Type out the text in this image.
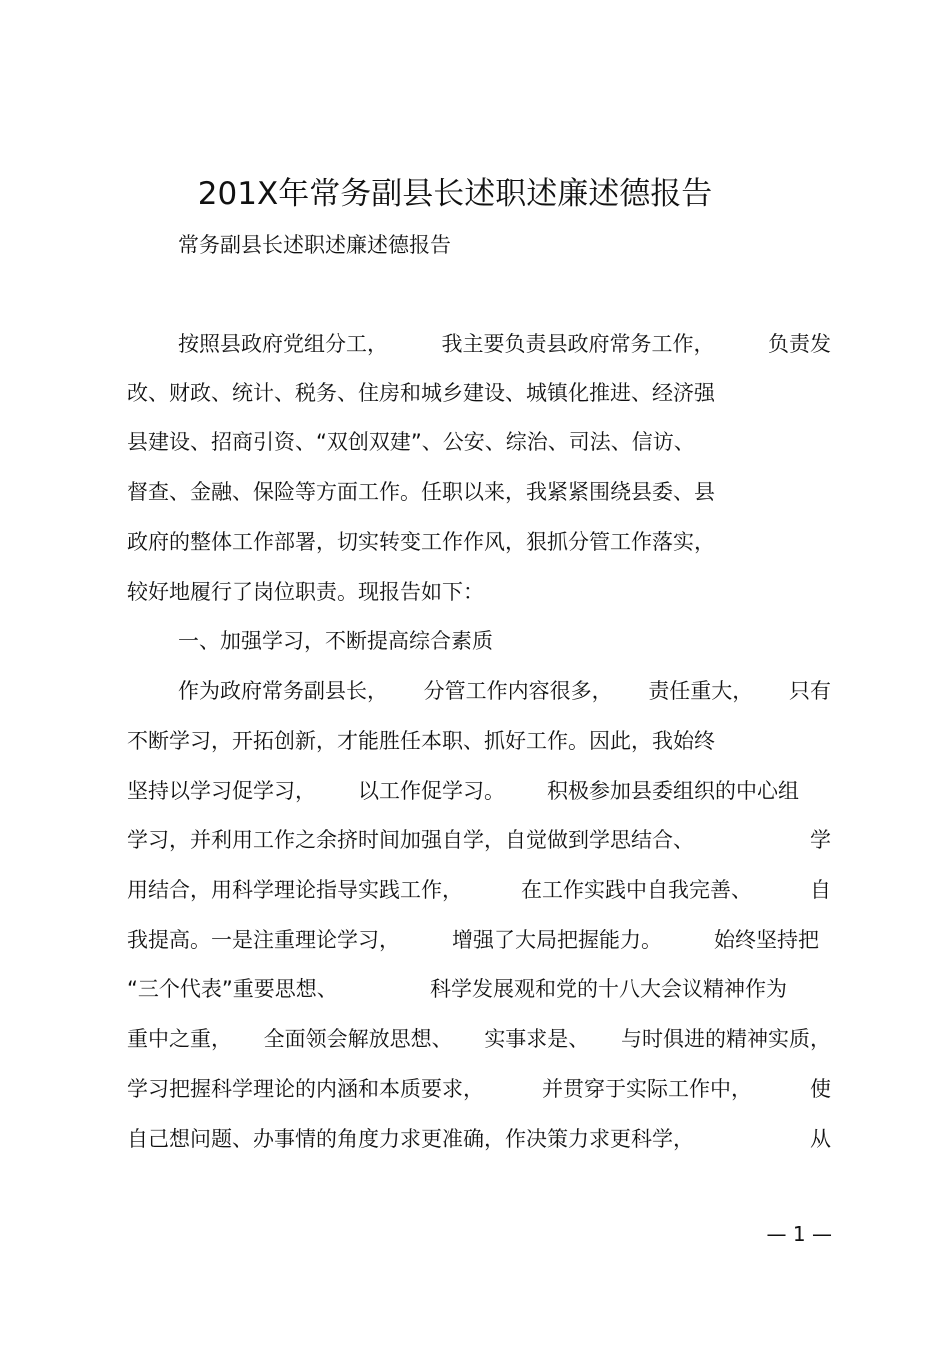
201X年常务副县长述职述廉述德报告
常务副县长述职述廉述德报告
按照县政府党组分工，	我主要负责县政府常务工作，	负责发
改、财政、统计、税务、住房和城乡建设、城镇化推进、经济强
县建设、招商引资、“双创双建”、公安、综治、司法、信访、
督查、金融、保险等方面工作。任职以来，我紧紧围绕县委、县
政府的整体工作部署，切实转变工作作风，狠抓分管工作落实，
较好地履行了岗位职责。现报告如下：
一、加强学习，不断提高综合素质
作为政府常务副县长， 分管工作内容很多， 责任重大， 只有
不断学习，开拓创新，才能胜任本职、抓好工作。因此，我始终
坚持以学习促学习， 以工作促学习。 积极参加县委组织的中心组
学习，并利用工作之余挤时间加强自学，自觉做到学思结合、	学
用结合，用科学理论指导实践工作，	在工作实践中自我完善、	自
我提高。一是注重理论学习， 增强了大局把握能力。 始终坚持把
“三个代表”重要思想、	科学发展观和党的十八大会议精神作为
重中之重， 全面领会解放思想、 实事求是、 与时俱进的精神实质，
学习把握科学理论的内涵和本质要求，	并贯穿于实际工作中，	使
自己想问题、办事情的角度力求更准确，作决策力求更科学，	从
— 1 —
